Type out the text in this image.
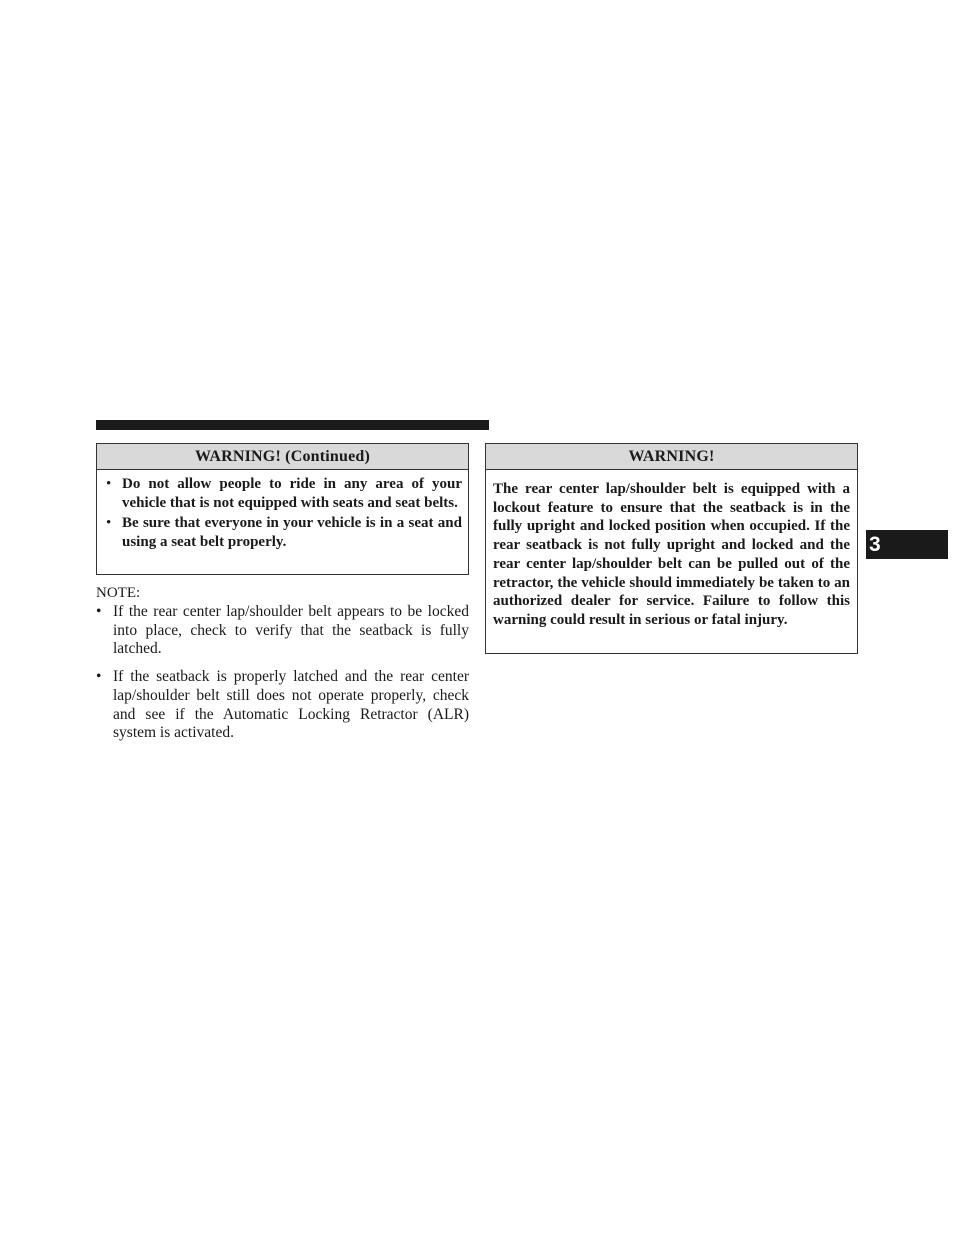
WARNING! (Continued)
• Do not allow people to ride in any area of your vehicle that is not equipped with seats and seat belts.
• Be sure that everyone in your vehicle is in a seat and using a seat belt properly.
NOTE:
• If the rear center lap/shoulder belt appears to be locked into place, check to verify that the seatback is fully latched.
• If the seatback is properly latched and the rear center lap/shoulder belt still does not operate properly, check and see if the Automatic Locking Retractor (ALR) system is activated.
WARNING!

The rear center lap/shoulder belt is equipped with a lockout feature to ensure that the seatback is in the fully upright and locked position when occupied. If the rear seatback is not fully upright and locked and the rear center lap/shoulder belt can be pulled out of the retractor, the vehicle should immediately be taken to an authorized dealer for service. Failure to follow this warning could result in serious or fatal injury.

3
